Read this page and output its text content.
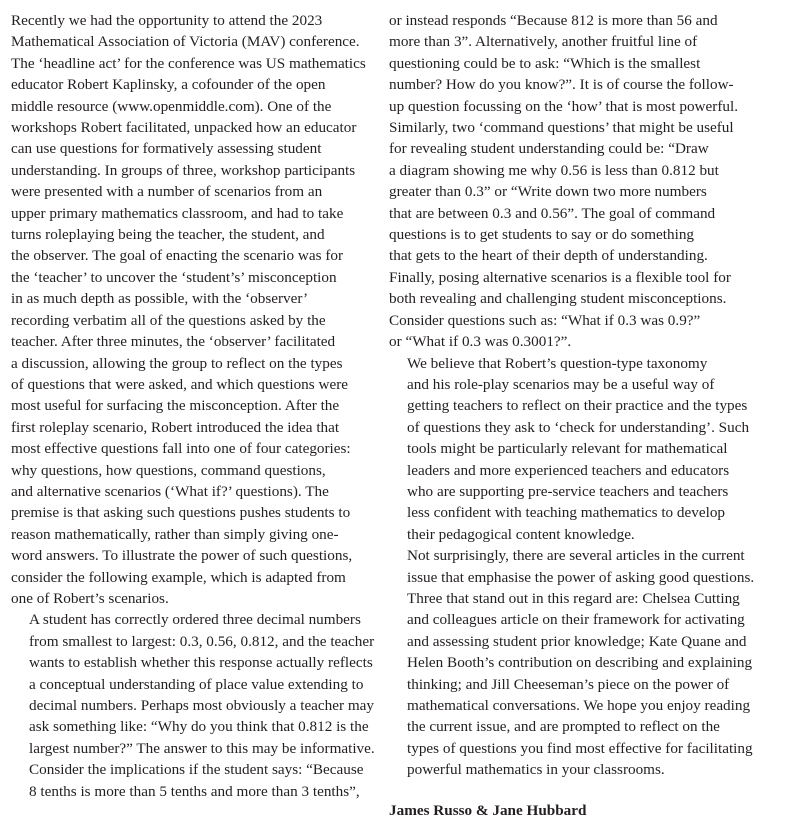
Recently we had the opportunity to attend the 2023
Mathematical Association of Victoria (MAV) conference.
The ‘headline act’ for the conference was US mathematics
educator Robert Kaplinsky, a cofounder of the open
middle resource (www.openmiddle.com). One of the
workshops Robert facilitated, unpacked how an educator
can use questions for formatively assessing student
understanding. In groups of three, workshop participants
were presented with a number of scenarios from an
upper primary mathematics classroom, and had to take
turns roleplaying being the teacher, the student, and
the observer. The goal of enacting the scenario was for
the ‘teacher’ to uncover the ‘student’s’ misconception
in as much depth as possible, with the ‘observer’
recording verbatim all of the questions asked by the
teacher. After three minutes, the ‘observer’ facilitated
a discussion, allowing the group to reflect on the types
of questions that were asked, and which questions were
most useful for surfacing the misconception. After the
first roleplay scenario, Robert introduced the idea that
most effective questions fall into one of four categories:
why questions, how questions, command questions,
and alternative scenarios (‘What if?’ questions). The
premise is that asking such questions pushes students to
reason mathematically, rather than simply giving one-
word answers. To illustrate the power of such questions,
consider the following example, which is adapted from
one of Robert’s scenarios.

A student has correctly ordered three decimal numbers
from smallest to largest: 0.3, 0.56, 0.812, and the teacher
wants to establish whether this response actually reflects
a conceptual understanding of place value extending to
decimal numbers. Perhaps most obviously a teacher may
ask something like: “Why do you think that 0.812 is the
largest number?” The answer to this may be informative.
Consider the implications if the student says: “Because
8 tenths is more than 5 tenths and more than 3 tenths”,

or instead responds “Because 812 is more than 56 and
more than 3”. Alternatively, another fruitful line of
questioning could be to ask: “Which is the smallest
number? How do you know?”. It is of course the follow-
up question focussing on the ‘how’ that is most powerful.
Similarly, two ‘command questions’ that might be useful
for revealing student understanding could be: “Draw
a diagram showing me why 0.56 is less than 0.812 but
greater than 0.3” or “Write down two more numbers
that are between 0.3 and 0.56”. The goal of command
questions is to get students to say or do something
that gets to the heart of their depth of understanding.
Finally, posing alternative scenarios is a flexible tool for
both revealing and challenging student misconceptions.
Consider questions such as: “What if 0.3 was 0.9?”
or “What if 0.3 was 0.3001?”.

We believe that Robert’s question-type taxonomy
and his role-play scenarios may be a useful way of
getting teachers to reflect on their practice and the types
of questions they ask to ‘check for understanding’. Such
tools might be particularly relevant for mathematical
leaders and more experienced teachers and educators
who are supporting pre-service teachers and teachers
less confident with teaching mathematics to develop
their pedagogical content knowledge.

Not surprisingly, there are several articles in the current
issue that emphasise the power of asking good questions.
Three that stand out in this regard are: Chelsea Cutting
and colleagues article on their framework for activating
and assessing student prior knowledge; Kate Quane and
Helen Booth’s contribution on describing and explaining
thinking; and Jill Cheeseman’s piece on the power of
mathematical conversations. We hope you enjoy reading
the current issue, and are prompted to reflect on the
types of questions you find most effective for facilitating
powerful mathematics in your classrooms.

James Russo & Jane Hubbard
